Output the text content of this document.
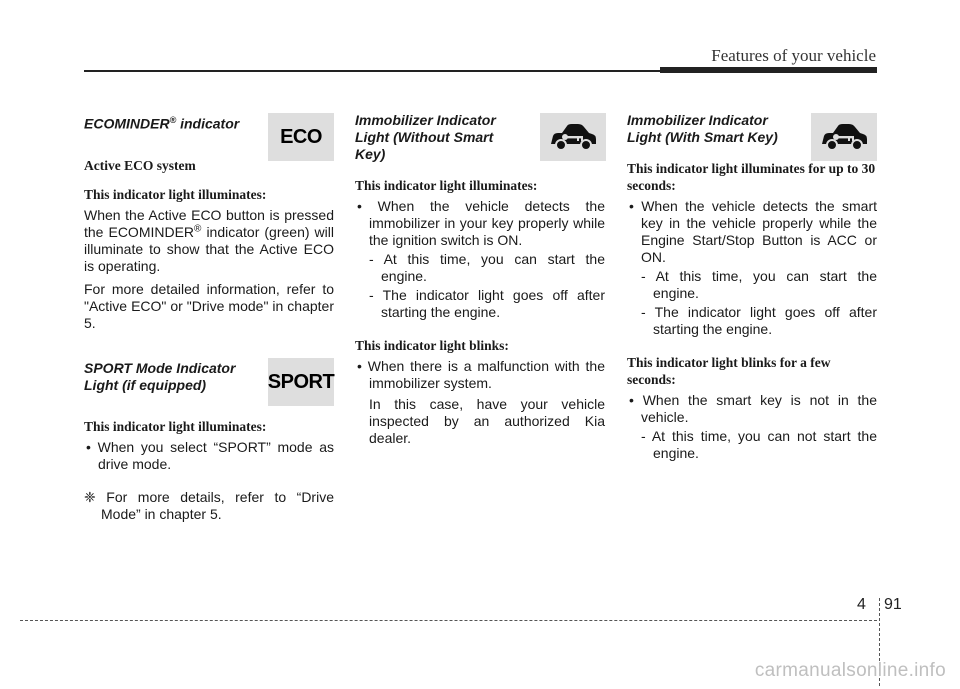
Features of your vehicle
ECOMINDER® indicator
Active ECO system
This indicator light illuminates:
When the Active ECO button is pressed the ECOMINDER® indicator (green) will illuminate to show that the Active ECO is operating.
For more detailed information, refer to "Active ECO" or "Drive mode" in chapter 5.
SPORT Mode Indicator
Light (if equipped)
This indicator light illuminates:
• When you select “SPORT” mode as drive mode.
❈ For more details, refer to “Drive Mode” in chapter 5.
ECO
SPORT
Immobilizer Indicator
Light (Without Smart Key)
This indicator light illuminates:
• When the vehicle detects the immobilizer in your key properly while the ignition switch is ON.
- At this time, you can start the engine.
- The indicator light goes off after starting the engine.
This indicator light blinks:
• When there is a malfunction with the immobilizer system.
In this case, have your vehicle inspected by an authorized Kia dealer.
Immobilizer Indicator
Light (With Smart Key)
This indicator light illuminates for up to 30 seconds:
• When the vehicle detects the smart key in the vehicle properly while the Engine Start/Stop Button is ACC or ON.
- At this time, you can start the engine.
- The indicator light goes off after starting the engine.
This indicator light blinks for a few seconds:
• When the smart key is not in the vehicle.
- At this time, you can not start the engine.
4 91
carmanualsonline.info
